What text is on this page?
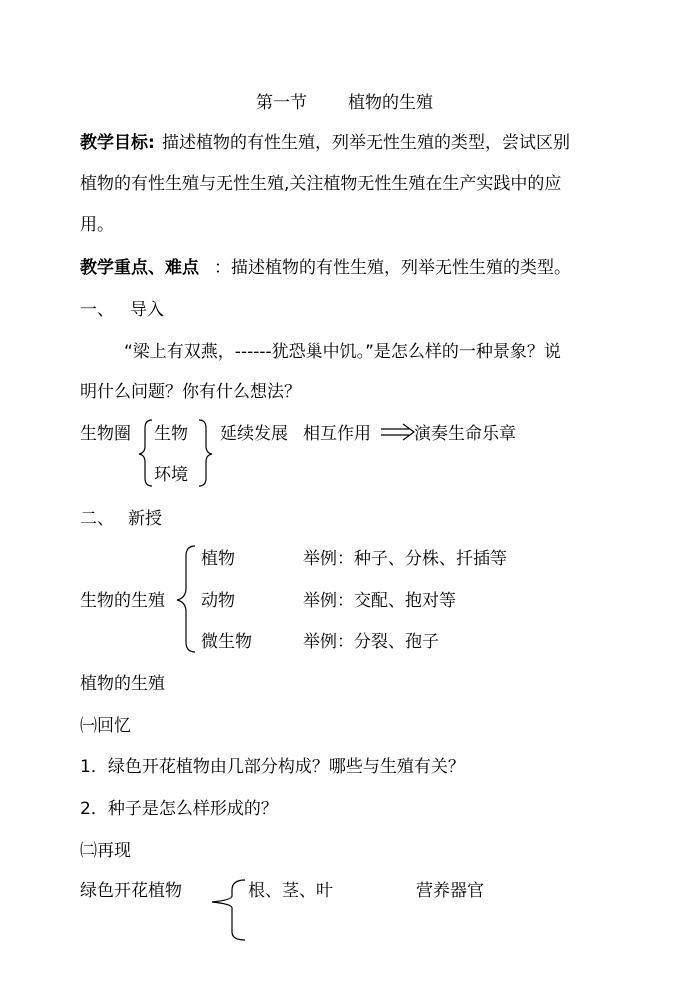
第一节 植物的生殖
教学目标: 描述植物的有性生殖，列举无性生殖的类型，尝试区别
植物的有性生殖与无性生殖,关注植物无性生殖在生产实践中的应
用。
教学重点、难点 ：描述植物的有性生殖，列举无性生殖的类型。
一、 导入
“梁上有双燕，------犹恐巢中饥。”是怎么样的一种景象？说
明什么问题？你有什么想法？
生物圈 生物
环境
延续发展 相互作用	演奏生命乐章
二、 新授
生物的生殖
植物	举例：种子、分株、扦插等
动物	举例：交配、抱对等
微生物	举例：分裂、孢子
植物的生殖
㈠回忆
1．绿色开花植物由几部分构成？哪些与生殖有关？
2．种子是怎么样形成的？
㈡再现
绿色开花植物	根、茎、叶	营养器官
